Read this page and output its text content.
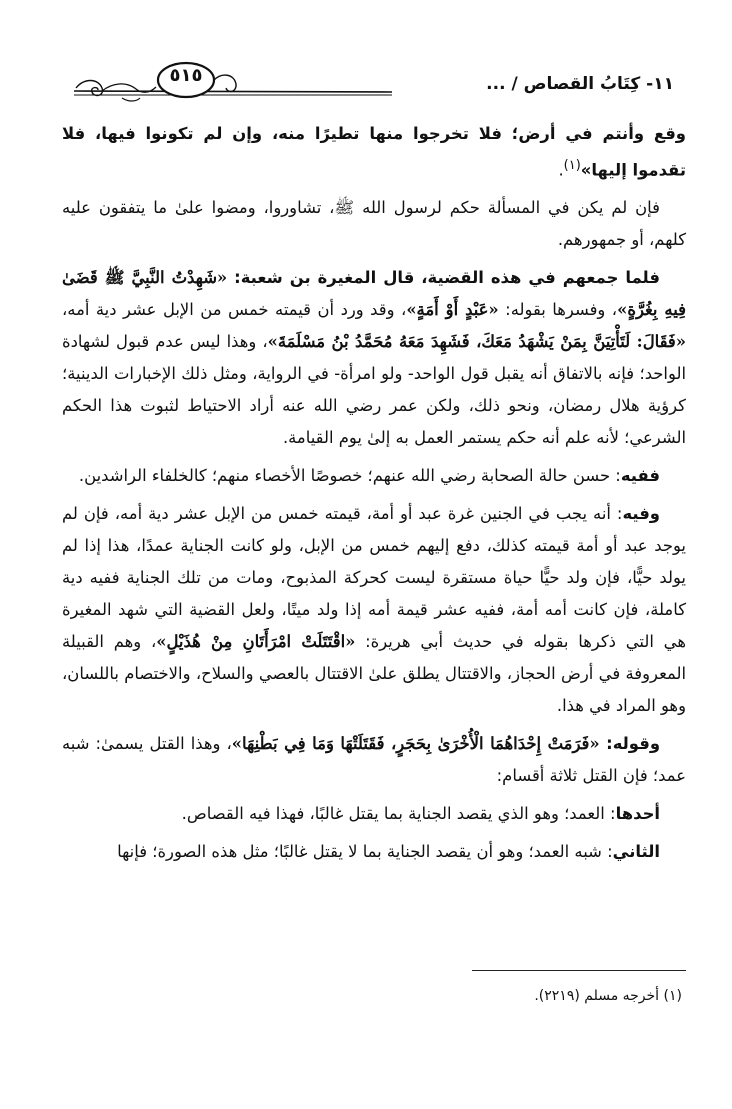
٥١٥	١١- كِتَابُ القصاص / ...

وقع وأنتم في أرض؛ فلا تخرجوا منها تطيرًا منه، وإن لم تكونوا فيها، فلا تقدموا إليها»$^{(١)}$.

فإن لم يكن في المسألة حكم لرسول الله ﷺ، تشاوروا، ومضوا علىٰ ما يتفقون عليه كلهم، أو جمهورهم.

فلما جمعهم في هذه القضية، قال المغيرة بن شعبة: «شَهِدْتُ النَّبِيَّ ﷺ قَضَىٰ فِيهِ بِغُرَّةٍ»، وفسرها بقوله: «عَبْدٍ أَوْ أَمَةٍ»، وقد ورد أن قيمته خمس من الإبل عشر دية أمه، «فَقَالَ: لَتَأْتِيَنَّ بِمَنْ يَشْهَدُ مَعَكَ، فَشَهِدَ مَعَهُ مُحَمَّدُ بْنُ مَسْلَمَةَ»، وهذا ليس عدم قبول لشهادة الواحد؛ فإنه بالاتفاق أنه يقبل قول الواحد- ولو امرأة- في الرواية، ومثل ذلك الإخبارات الدينية؛ كرؤية هلال رمضان، ونحو ذلك، ولكن عمر رضي الله عنه أراد الاحتياط لثبوت هذا الحكم الشرعي؛ لأنه علم أنه حكم يستمر العمل به إلىٰ يوم القيامة.

ففيه: حسن حالة الصحابة رضي الله عنهم؛ خصوصًا الأخصاء منهم؛ كالخلفاء الراشدين.

وفيه: أنه يجب في الجنين غرة عبد أو أمة، قيمته خمس من الإبل عشر دية أمه، فإن لم يوجد عبد أو أمة قيمته كذلك، دفع إليهم خمس من الإبل، ولو كانت الجناية عمدًا، هذا إذا لم يولد حيًّا، فإن ولد حيًّا حياة مستقرة ليست كحركة المذبوح، ومات من تلك الجناية ففيه دية كاملة، فإن كانت أمه أمة، ففيه عشر قيمة أمه إذا ولد ميتًا، ولعل القضية التي شهد المغيرة هي التي ذكرها بقوله في حديث أبي هريرة: «اقْتَتَلَتْ امْرَأَتَانِ مِنْ هُذَيْلٍ»، وهم القبيلة المعروفة في أرض الحجاز، والاقتتال يطلق علىٰ الاقتتال بالعصي والسلاح، والاختصام باللسان، وهو المراد في هذا.

وقوله: «فَرَمَتْ إِحْدَاهُمَا الْأُخْرَىٰ بِحَجَرٍ، فَقَتَلَتْهَا وَمَا فِي بَطْنِهَا»، وهذا القتل يسمىٰ: شبه عمد؛ فإن القتل ثلاثة أقسام:

أحدها: العمد؛ وهو الذي يقصد الجناية بما يقتل غالبًا، فهذا فيه القصاص.

الثاني: شبه العمد؛ وهو أن يقصد الجناية بما لا يقتل غالبًا؛ مثل هذه الصورة؛ فإنها

(١) أخرجه مسلم (٢٢١٩).
